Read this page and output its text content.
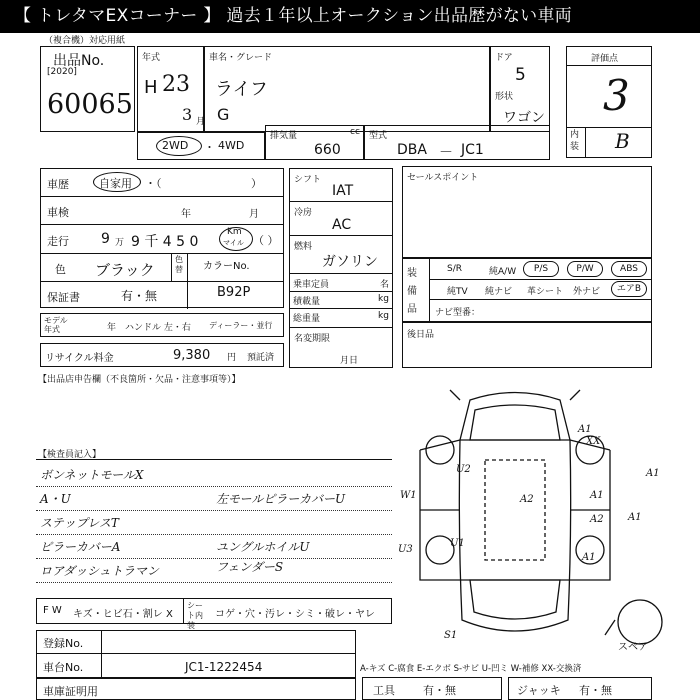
【 トレタマEXコーナー 】 過去１年以上オークション出品歴がない車両
（複合機）対応用紙
出品No.
[2020]
60065
年式
H 23
3 月
車名・グレード
ライフ
G
ドア
5
形状
ワゴン
評価点
3
内装 B
2WD ・ 4WD
排気量	cc
660
型式
DBA － JC1
車歴	自家用 ・（	）
車検	年	月
走行 9 万 9 千 4 5 0
Km
マイル （ ）
色 ブラック
色替 カラーNo.
B92P
保証書	有・無
モデル年式	年 ハンドル 左・右 ディーラー・並行
リサイクル料金	9,380 円 預託済
【出品店申告欄（不良箇所・欠品・注意事項等）】
シフト
IAT
冷房
AC
燃料
ガソリン
乗車定員	名
積載量	kg
総重量	kg
名変期限
月日
セールスポイント
装備品
S/R	純A/W	P/S	P/W	ABS
純TV 純ナビ 革シート 外ナビ	エアB
ナビ型番：
後日品
【検査員記入】
ボンネットモールX
A・U
ステップレスT
ピラーカバーA
ロアダッシュトラマン
左モールピラーカバーU
ユングルホイルU
フェンダーS
F W キズ・ヒビ石・割レ X
シート内装
コゲ・穴・汚レ・シミ・破レ・ヤレ
登録No.
車台No.	JC1-1222454
車庫証明用
A-キズ C-腐食 E-エクボ S-サビ U-凹ミ W-補修 XX-交換済
工具	有・無	ジャッキ 有・無
A1
XX
U2	A1
W1	A2	A1
A2
U3
A1
U1
A1
S1
スペア
